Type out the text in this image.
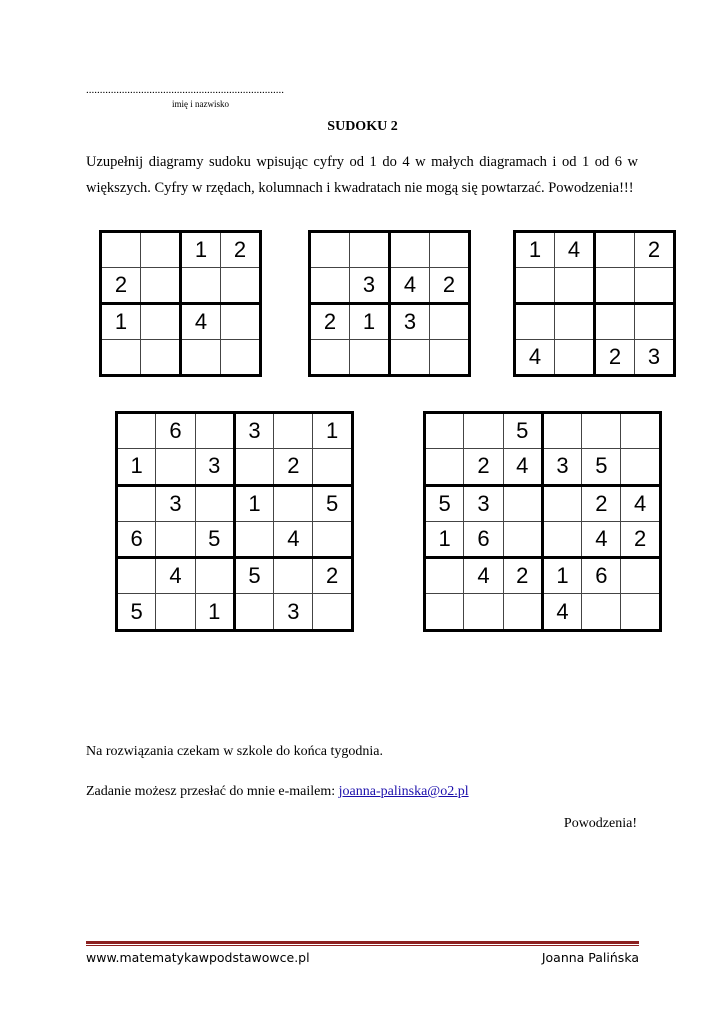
........................................................................
imię i nazwisko
SUDOKU 2
Uzupełnij diagramy sudoku wpisując cyfry od 1 do 4 w małych diagramach i od 1 od 6 w
większych. Cyfry w rzędach, kolumnach i kwadratach nie mogą się powtarzać. Powodzenia!!!
		1	2
2			
1		4	

	3	4	2
2	1	3	

1	4		2

4		2	3
	6		3		1
1		3		2	
	3		1		5
6		5		4	
	4		5		2
5		1		3	
		5			
	2	4	3	5	
5	3			2	4
1	6			4	2
	4	2	1	6	
			4		
Na rozwiązania czekam w szkole do końca tygodnia.
Zadanie możesz przesłać do mnie e-mailem: joanna-palinska@o2.pl
Powodzenia!
www.matematykawpodstawowce.pl	Joanna Palińska
